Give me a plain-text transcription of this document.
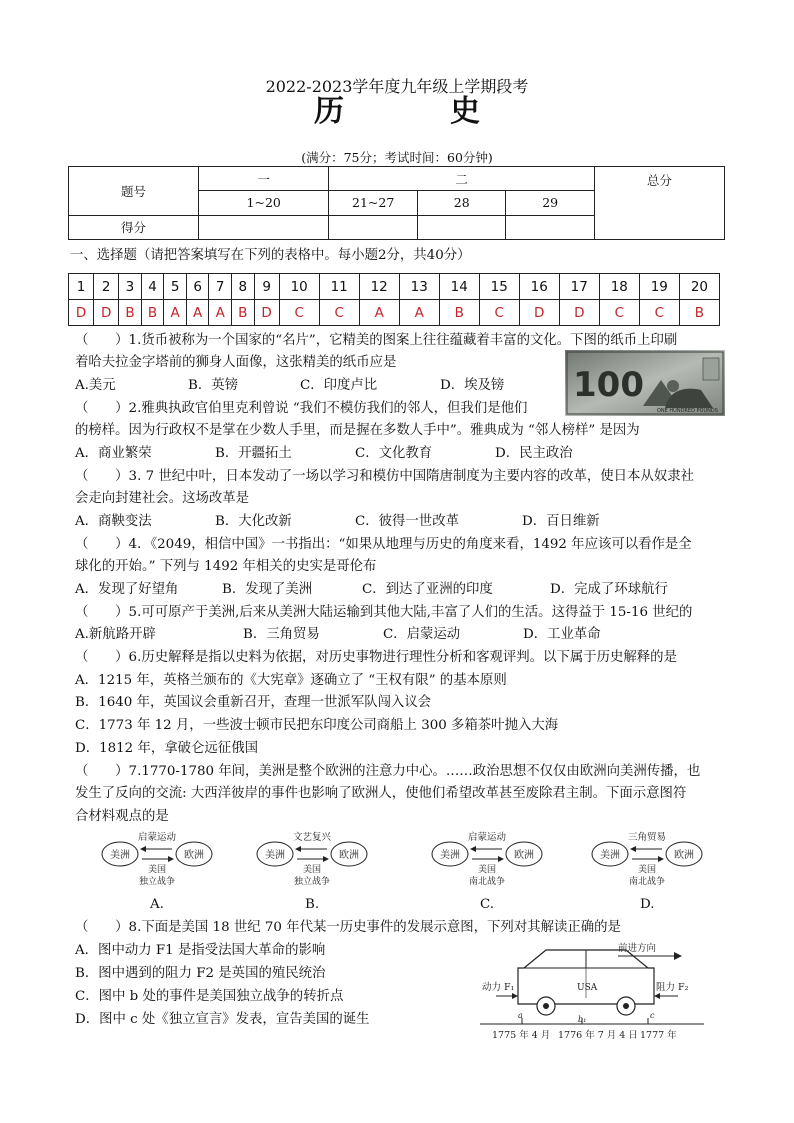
2022-2023学年度九年级上学期段考
历　史
(满分：75分；考试时间：60分钟)
题号	一	二			总分
	1~20	21~27	28	29	
得分					
一、选择题（请把答案填写在下列的表格中。每小题2分，共40分）
1	2	3	4	5	6	7	8	9	10	11	12	13	14	15	16	17	18	19	20
D	D	B	B	A	A	A	B	D	C	C	A	A	B	C	D	D	C	C	B
（　　）1.货币被称为一个国家的“名片”，它精美的图案上往往蕴藏着丰富的文化。下图的纸币上印刷
着哈夫拉金字塔前的狮身人面像，这张精美的纸币应是
A.美元	B．英镑	C．印度卢比	D．埃及镑 100
ONE HUNDRED POUNDS
（　　）2.雅典执政官伯里克利曾说 “我们不模仿我们的邻人，但我们是他们
的榜样。因为行政权不是掌在少数人手里，而是握在多数人手中”。雅典成为 “邻人榜样” 是因为
A．商业繁荣	B．开疆拓土	C．文化教育	D．民主政治
（　　）3. 7 世纪中叶，日本发动了一场以学习和模仿中国隋唐制度为主要内容的改革，使日本从奴隶社
会走向封建社会。这场改革是
A．商鞅变法	B．大化改新	C．彼得一世改革	D．百日维新
（　　）4．《2049，相信中国》一书指出：“如果从地理与历史的角度来看，1492 年应该可以看作是全
球化的开始。” 下列与 1492 年相关的史实是哥伦布
A．发现了好望角	B．发现了美洲	C．到达了亚洲的印度	D．完成了环球航行
（　　）5.可可原产于美洲,后来从美洲大陆运输到其他大陆,丰富了人们的生活。这得益于 15-16 世纪的
A.新航路开辟	B．三角贸易	C．启蒙运动	D．工业革命
（　　）6.历史解释是指以史料为依据，对历史事物进行理性分析和客观评判。以下属于历史解释的是
A．1215 年，英格兰颁布的《大宪章》逐确立了 “王权有限” 的基本原则
B．1640 年，英国议会重新召开，查理一世派军队闯入议会
C．1773 年 12 月，一些波士顿市民把东印度公司商船上 300 多箱茶叶抛入大海
D．1812 年，拿破仑远征俄国
（　　）7.1770-1780 年间，美洲是整个欧洲的注意力中心。……政治思想不仅仅由欧洲向美洲传播，也
发生了反向的交流: 大西洋彼岸的事件也影响了欧洲人，使他们希望改革甚至废除君主制。下面示意图符
合材料观点的是
启蒙运动
美洲	欧洲
美国
独立战争
A.
文艺复兴
美洲	欧洲
美国
独立战争
B.
启蒙运动
美洲	欧洲
美国
南北战争
C.
三角贸易
美洲	欧洲
美国
南北战争
D.
（　　）8.下面是美国 18 世纪 70 年代某一历史事件的发展示意图，下列对其解读正确的是
A．图中动力 F1 是指受法国大革命的影响
B．图中遇到的阻力 F2 是英国的殖民统治
C．图中 b 处的事件是美国独立战争的转折点
D．图中 c 处《独立宣言》发表，宣告美国的诞生
前进方向
USA
动力 F₁	阻力 F₂
a	b₁	c
1775 年 4 月 1776 年 7 月 4 日 1777 年
